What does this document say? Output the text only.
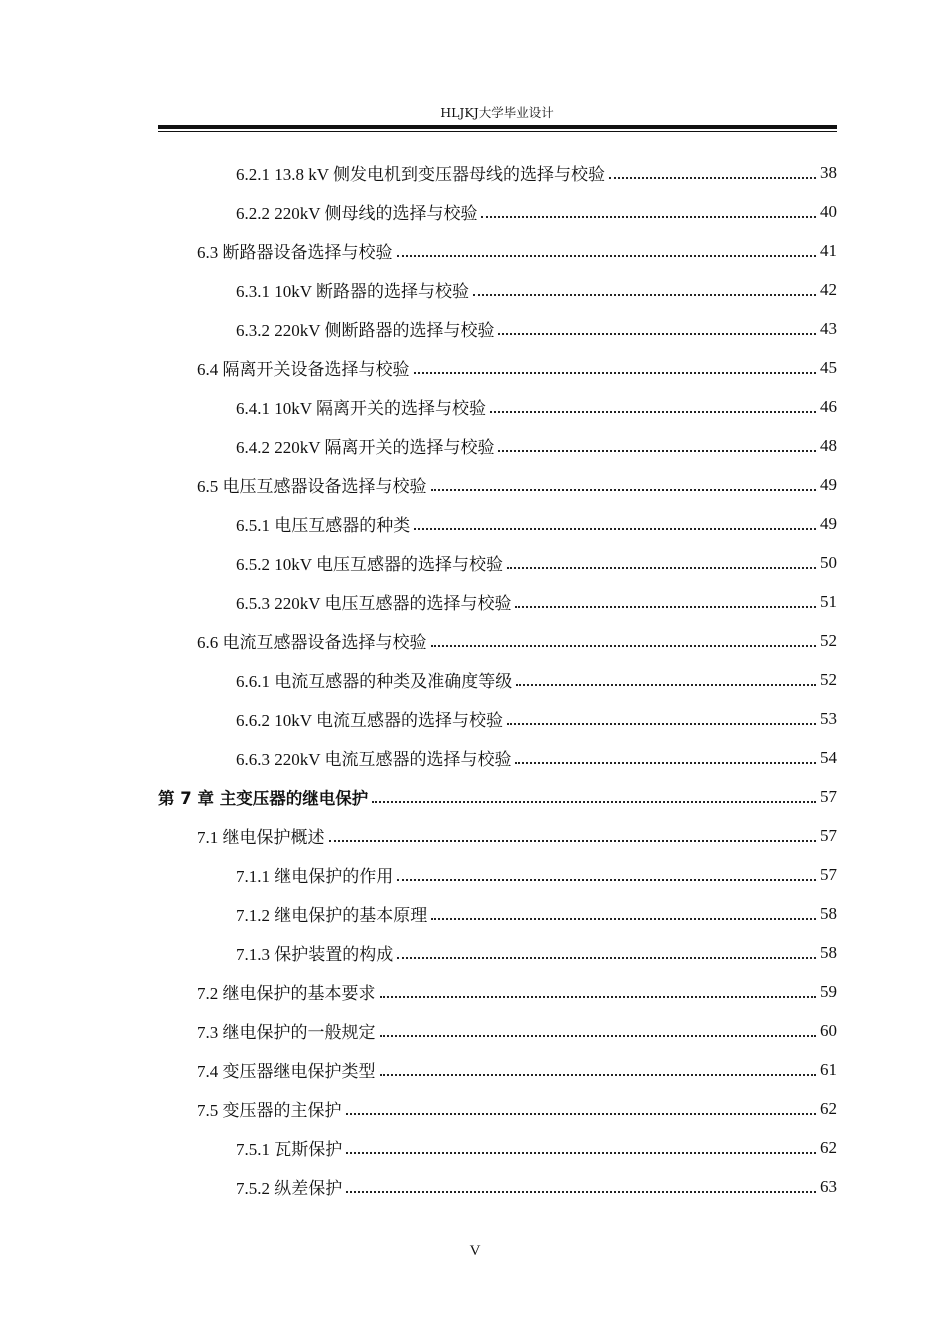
HLJKJ大学毕业设计
6.2.1 13.8 kV 侧发电机到变压器母线的选择与校验	38
6.2.2 220kV 侧母线的选择与校验	40
6.3 断路器设备选择与校验	41
6.3.1 10kV 断路器的选择与校验	42
6.3.2 220kV 侧断路器的选择与校验	43
6.4 隔离开关设备选择与校验	45
6.4.1 10kV 隔离开关的选择与校验	46
6.4.2 220kV 隔离开关的选择与校验	48
6.5 电压互感器设备选择与校验	49
6.5.1 电压互感器的种类	49
6.5.2 10kV 电压互感器的选择与校验	50
6.5.3 220kV 电压互感器的选择与校验	51
6.6 电流互感器设备选择与校验	52
6.6.1 电流互感器的种类及准确度等级	52
6.6.2 10kV 电流互感器的选择与校验	53
6.6.3 220kV 电流互感器的选择与校验	54
第 7 章 主变压器的继电保护	57
7.1 继电保护概述	57
7.1.1 继电保护的作用	57
7.1.2 继电保护的基本原理	58
7.1.3 保护装置的构成	58
7.2 继电保护的基本要求	59
7.3 继电保护的一般规定	60
7.4 变压器继电保护类型	61
7.5 变压器的主保护	62
7.5.1 瓦斯保护	62
7.5.2 纵差保护	63
V
